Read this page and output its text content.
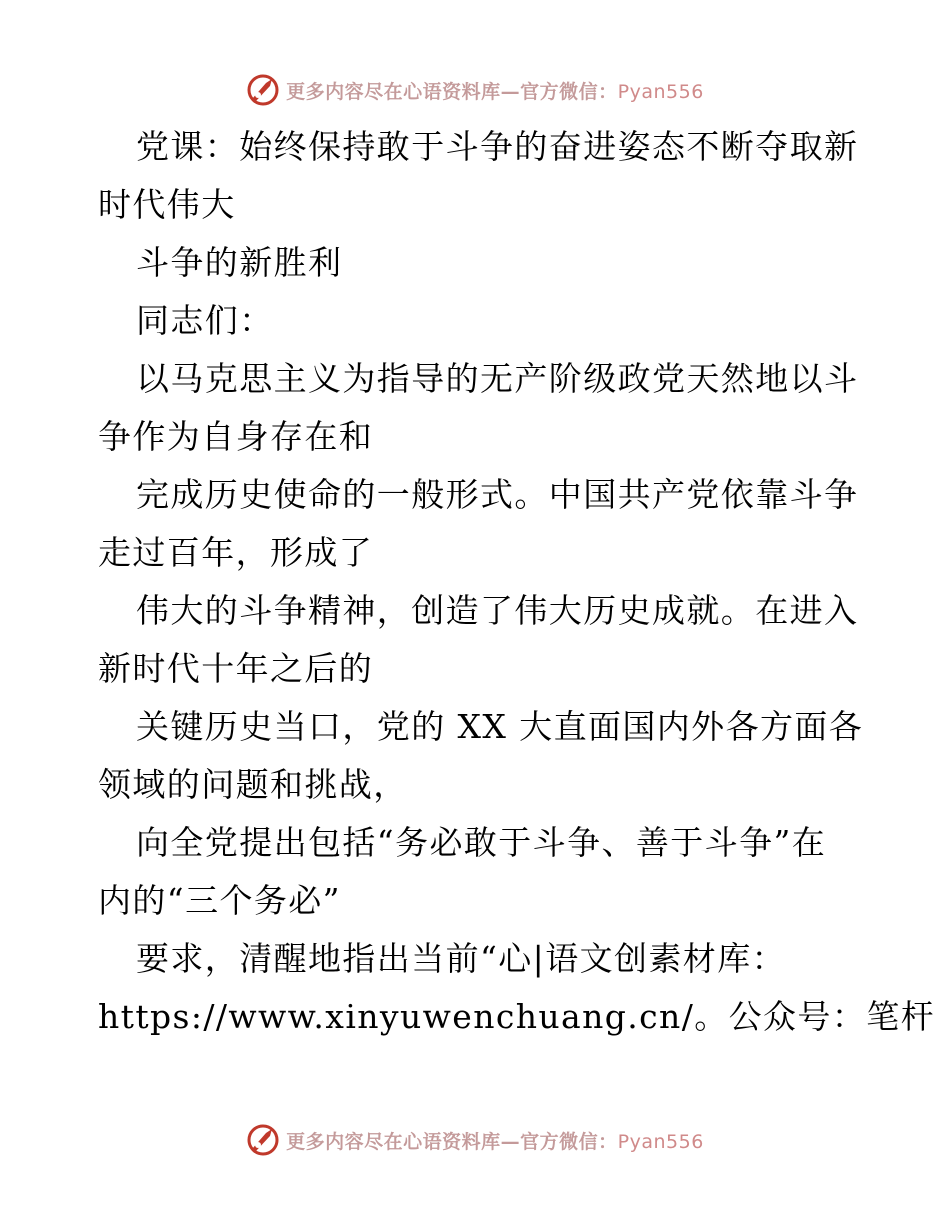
更多内容尽在心语资料库—官方微信：Pyan556
党课：始终保持敢于斗争的奋进姿态不断夺取新
时代伟大
斗争的新胜利
同志们：
以马克思主义为指导的无产阶级政党天然地以斗
争作为自身存在和
完成历史使命的一般形式。中国共产党依靠斗争
走过百年，形成了
伟大的斗争精神，创造了伟大历史成就。在进入
新时代十年之后的
关键历史当口，党的 XX 大直面国内外各方面各
领域的问题和挑战，
向全党提出包括“务必敢于斗争、善于斗争”在
内的“三个务必”
要求，清醒地指出当前“心|语文创素材库：
https://www.xinyuwenchuang.cn/。公众号：笔杆
更多内容尽在心语资料库—官方微信：Pyan556
